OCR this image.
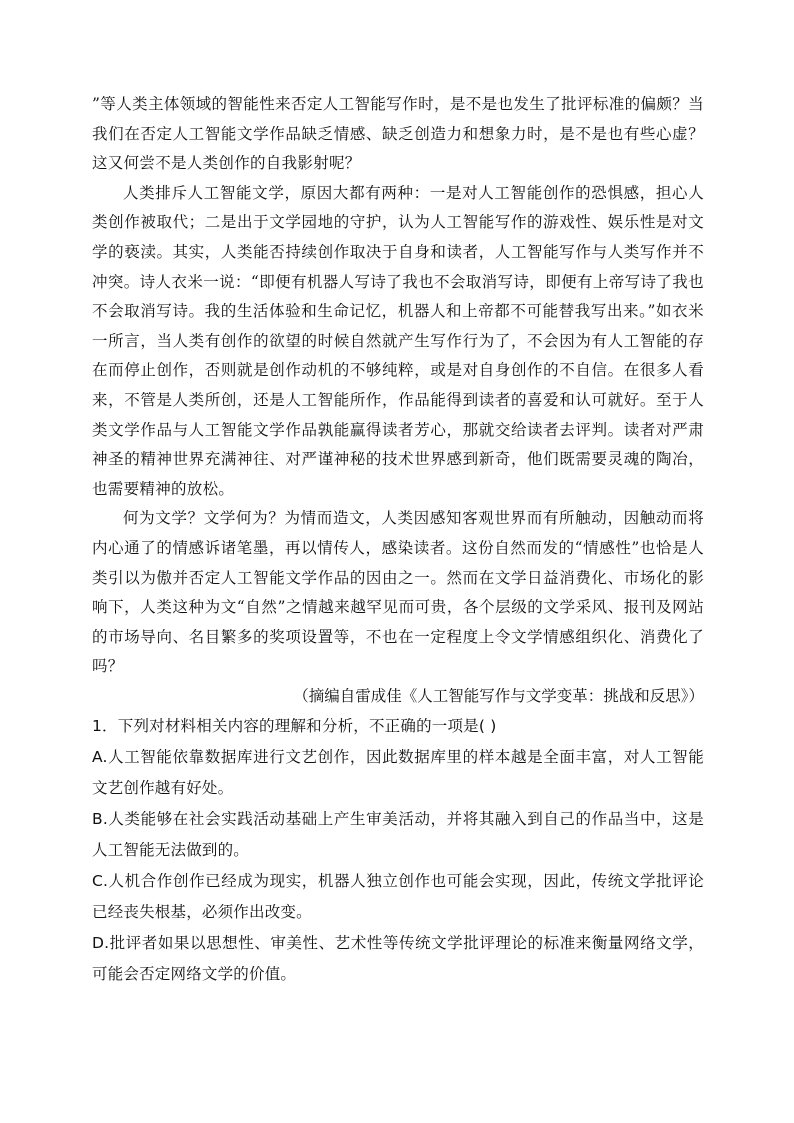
”等人类主体领域的智能性来否定人工智能写作时，是不是也发生了批评标准的偏颇？当我们在否定人工智能文学作品缺乏情感、缺乏创造力和想象力时，是不是也有些心虚？这又何尝不是人类创作的自我影射呢？

人类排斥人工智能文学，原因大都有两种：一是对人工智能创作的恐惧感，担心人类创作被取代；二是出于文学园地的守护，认为人工智能写作的游戏性、娱乐性是对文学的亵渎。其实，人类能否持续创作取决于自身和读者，人工智能写作与人类写作并不冲突。诗人衣米一说：“即便有机器人写诗了我也不会取消写诗，即便有上帝写诗了我也不会取消写诗。我的生活体验和生命记忆，机器人和上帝都不可能替我写出来。”如衣米一所言，当人类有创作的欲望的时候自然就产生写作行为了，不会因为有人工智能的存在而停止创作，否则就是创作动机的不够纯粹，或是对自身创作的不自信。在很多人看来，不管是人类所创，还是人工智能所作，作品能得到读者的喜爱和认可就好。至于人类文学作品与人工智能文学作品孰能赢得读者芳心，那就交给读者去评判。读者对严肃神圣的精神世界充满神往、对严谨神秘的技术世界感到新奇，他们既需要灵魂的陶冶，也需要精神的放松。

何为文学？文学何为？为情而造文，人类因感知客观世界而有所触动，因触动而将内心通了的情感诉诸笔墨，再以情传人，感染读者。这份自然而发的“情感性”也恰是人类引以为傲并否定人工智能文学作品的因由之一。然而在文学日益消费化、市场化的影响下，人类这种为文“自然”之情越来越罕见而可贵，各个层级的文学采风、报刊及网站的市场导向、名目繁多的奖项设置等，不也在一定程度上令文学情感组织化、消费化了吗？

（摘编自雷成佳《人工智能写作与文学变革：挑战和反思》）

1．下列对材料相关内容的理解和分析，不正确的一项是( )

A.人工智能依靠数据库进行文艺创作，因此数据库里的样本越是全面丰富，对人工智能文艺创作越有好处。

B.人类能够在社会实践活动基础上产生审美活动，并将其融入到自己的作品当中，这是人工智能无法做到的。

C.人机合作创作已经成为现实，机器人独立创作也可能会实现，因此，传统文学批评论已经丧失根基，必须作出改变。

D.批评者如果以思想性、审美性、艺术性等传统文学批评理论的标准来衡量网络文学，可能会否定网络文学的价值。
